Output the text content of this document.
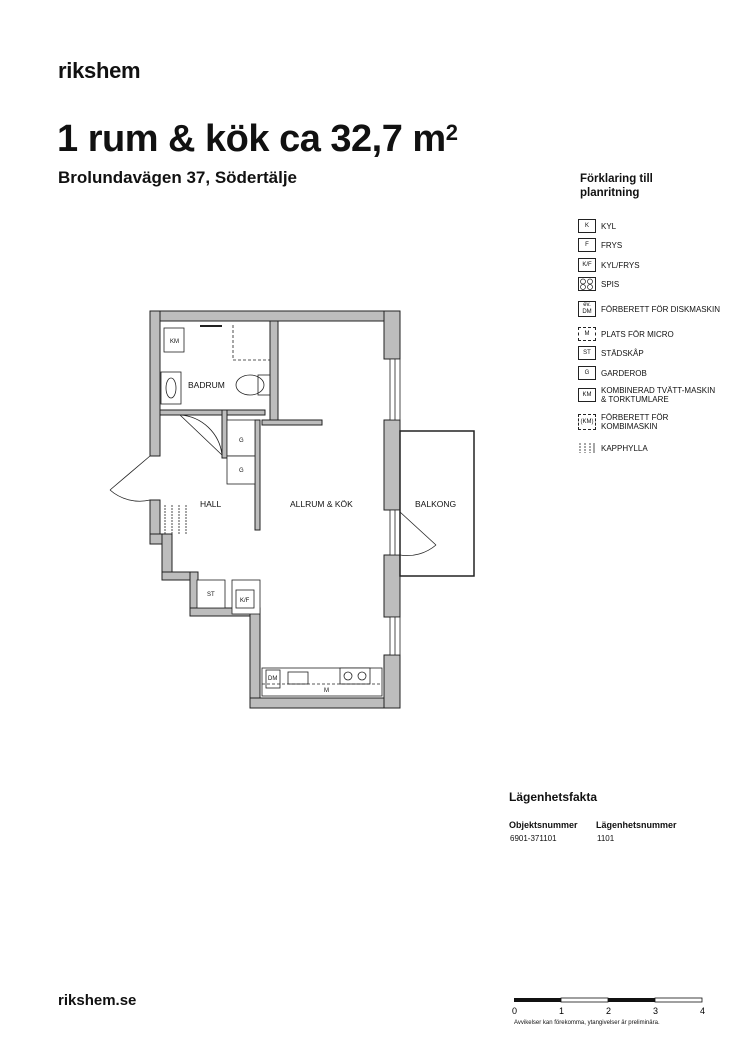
rikshem
1 rum & kök ca 32,7 $m^2$
Brolundavägen 37, Södertälje
BADRUM
HALL	ALLRUM & KÖK	BALKONG
KM
G
G
ST
K/F
DM
M
Förklaring till planritning
K	KYL
F	FRYS
K/F	KYL/FRYS
SPIS
ev. DM	FÖRBERETT FÖR DISKMASKIN
M	PLATS FÖR MICRO
ST	STÄDSKÅP
G	GARDEROB
KM	KOMBINERAD TVÄTT-MASKIN & TORKTUMLARE
(KM) FÖRBERETT FÖR KOMBIMASKIN
KAPPHYLLA
Lägenhetsfakta
Objektsnummer Lägenhetsnummer
6901-371101	1101
rikshem.se
0	1	2	3	4
Avvikelser kan förekomma, ytangivelser är preliminära.
